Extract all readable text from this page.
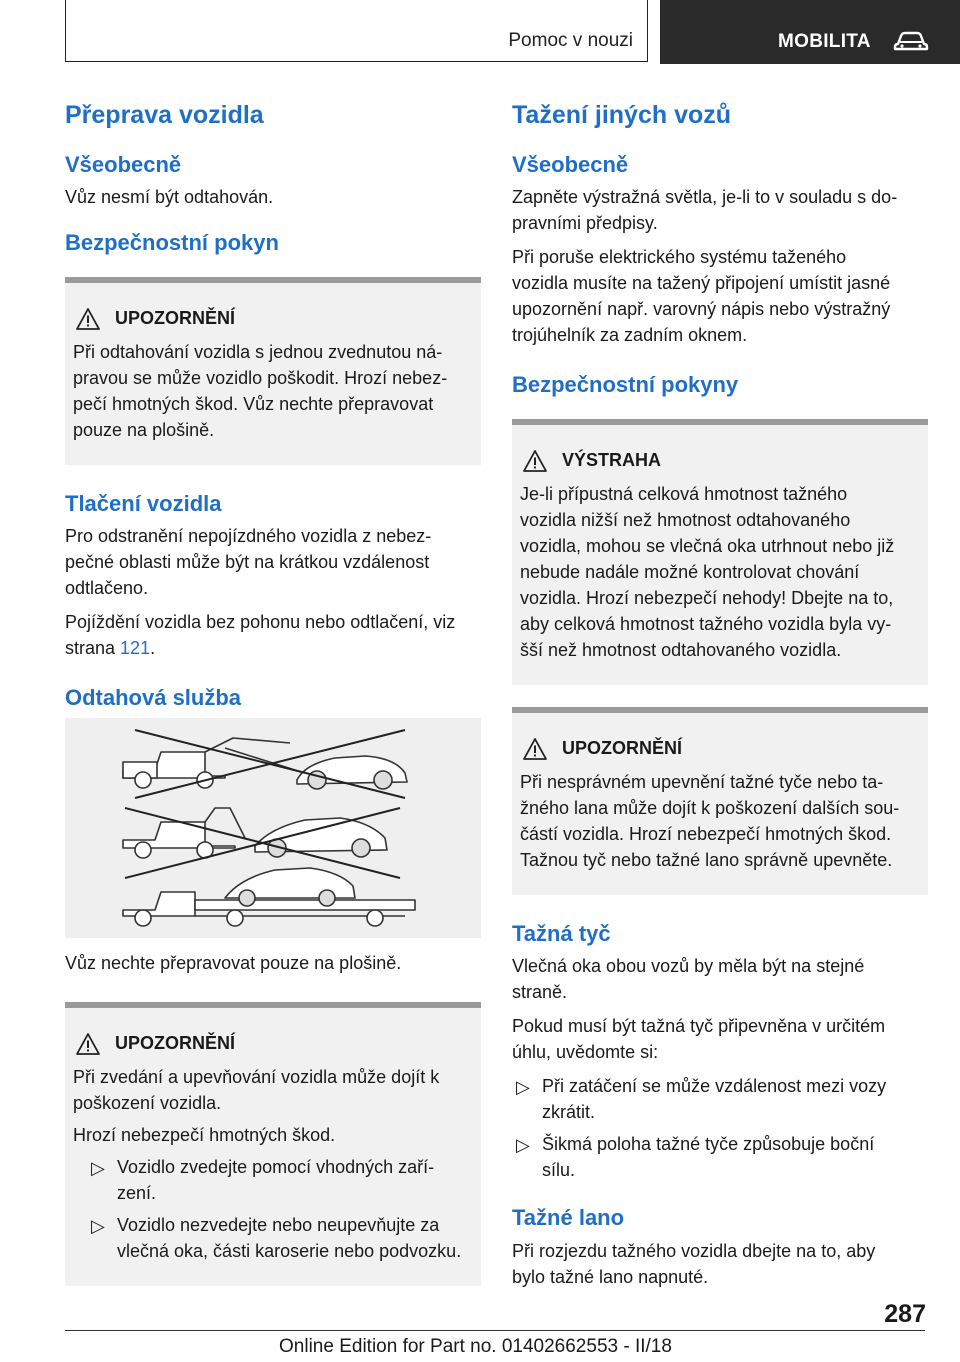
Pomoc v nouzi	MOBILITA
Přeprava vozidla
Všeobecně

Vůz nesmí být odtahován.

Bezpečnostní pokyn
UPOZORNĚNÍ
Při odtahování vozidla s jednou zvednutou ná-
pravou se může vozidlo poškodit. Hrozí nebez-
pečí hmotných škod. Vůz nechte přepravovat
pouze na plošině.
Tlačení vozidla

Pro odstranění nepojízdného vozidla z nebez-
pečné oblasti může být na krátkou vzdálenost
odtlačeno.

Pojíždění vozidla bez pohonu nebo odtlačení, viz
strana 121.

Odtahová služba

Vůz nechte přepravovat pouze na plošině.

UPOZORNĚNÍ
Při zvedání a upevňování vozidla může dojít k
poškození vozidla.
Hrozí nebezpečí hmotných škod.
▷ Vozidlo zvedejte pomocí vhodných zaří-
zení.
▷ Vozidlo nezvedejte nebo neupevňujte za
vlečná oka, části karoserie nebo podvozku.
Tažení jiných vozů
Všeobecně

Zapněte výstražná světla, je-li to v souladu s do-
pravními předpisy.

Při poruše elektrického systému taženého
vozidla musíte na tažený připojení umístit jasné
upozornění např. varovný nápis nebo výstražný
trojúhelník za zadním oknem.

Bezpečnostní pokyny
VÝSTRAHA
Je-li přípustná celková hmotnost tažného
vozidla nižší než hmotnost odtahovaného
vozidla, mohou se vlečná oka utrhnout nebo již
nebude nadále možné kontrolovat chování
vozidla. Hrozí nebezpečí nehody! Dbejte na to,
aby celková hmotnost tažného vozidla byla vy-
šší než hmotnost odtahovaného vozidla.
UPOZORNĚNÍ
Při nesprávném upevnění tažné tyče nebo ta-
žného lana může dojít k poškození dalších sou-
částí vozidla. Hrozí nebezpečí hmotných škod.
Tažnou tyč nebo tažné lano správně upevněte.
Tažná tyč

Vlečná oka obou vozů by měla být na stejné
straně.

Pokud musí být tažná tyč připevněna v určitém
úhlu, uvědomte si:

▷ Při zatáčení se může vzdálenost mezi vozy
zkrátit.
▷ Šikmá poloha tažné tyče způsobuje boční
sílu.
Tažné lano

Při rozjezdu tažného vozidla dbejte na to, aby
bylo tažné lano napnuté.

287
Online Edition for Part no. 01402662553 - II/18
